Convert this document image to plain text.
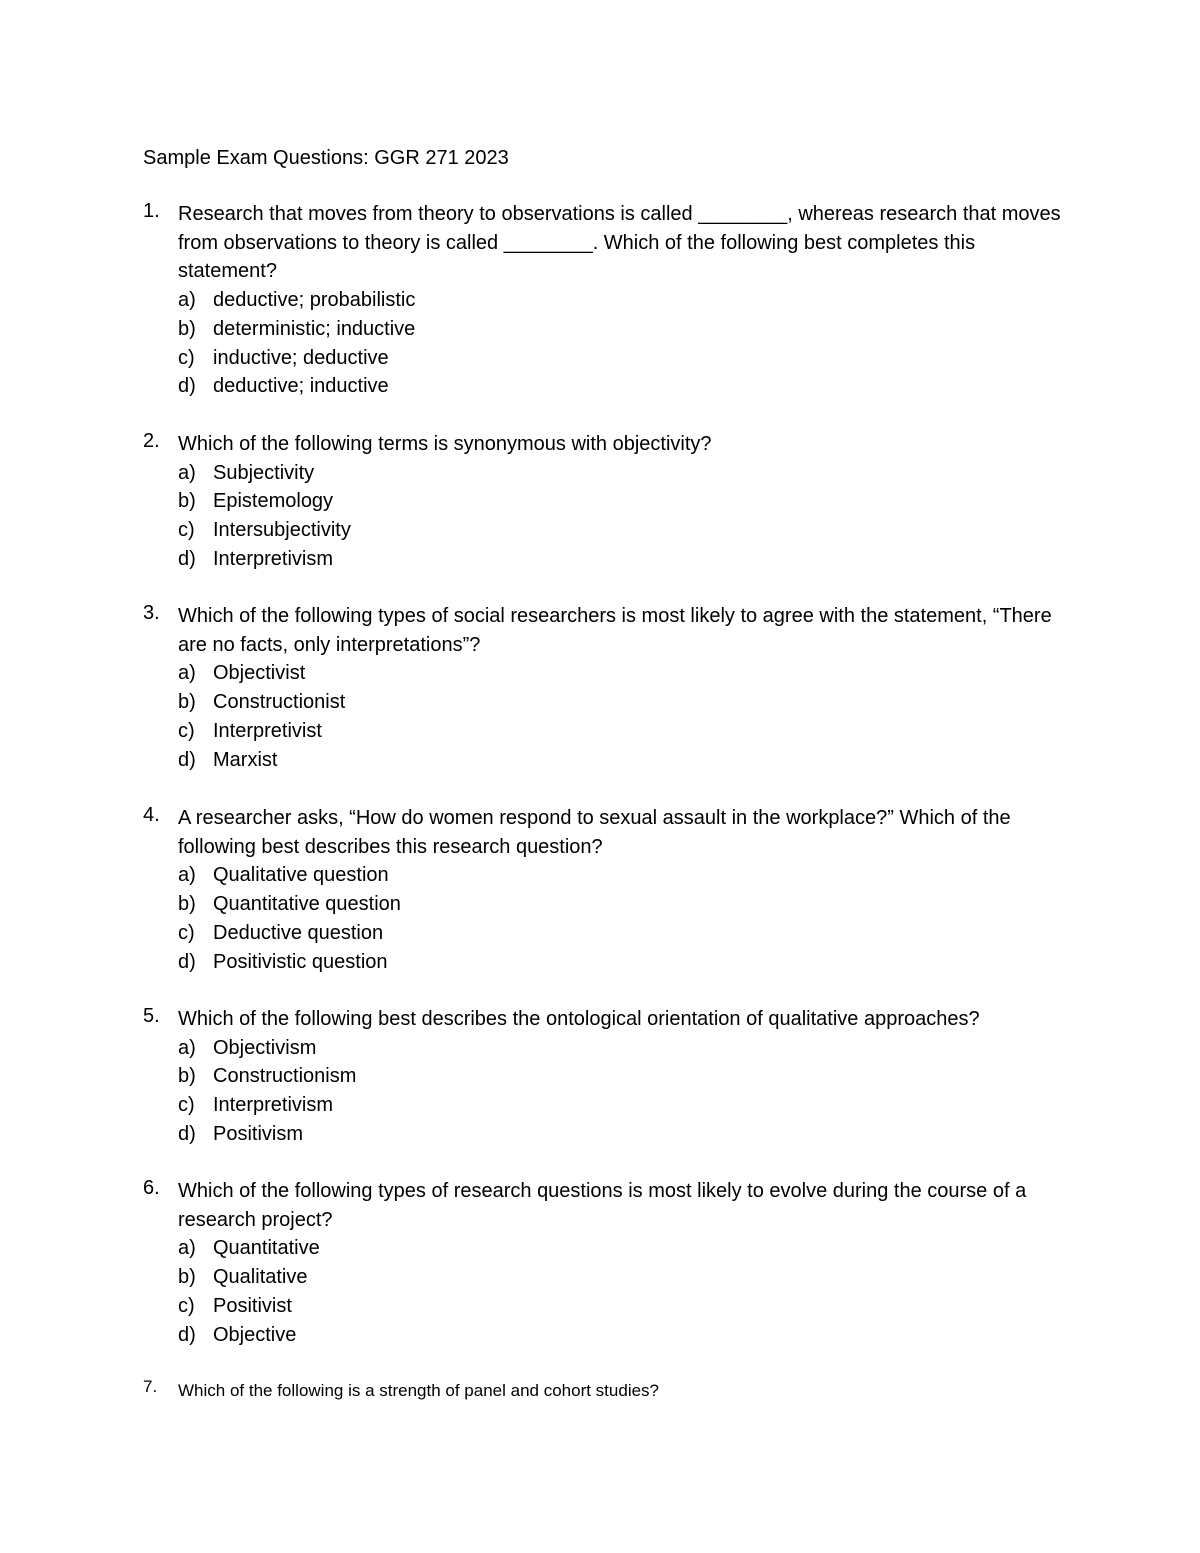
Sample Exam Questions: GGR 271 2023
1. Research that moves from theory to observations is called ________, whereas research that moves from observations to theory is called ________. Which of the following best completes this statement?
a) deductive; probabilistic
b) deterministic; inductive
c) inductive; deductive
d) deductive; inductive
2. Which of the following terms is synonymous with objectivity?
a) Subjectivity
b) Epistemology
c) Intersubjectivity
d) Interpretivism
3. Which of the following types of social researchers is most likely to agree with the statement, “There are no facts, only interpretations”?
a) Objectivist
b) Constructionist
c) Interpretivist
d) Marxist
4. A researcher asks, “How do women respond to sexual assault in the workplace?” Which of the following best describes this research question?
a) Qualitative question
b) Quantitative question
c) Deductive question
d) Positivistic question
5. Which of the following best describes the ontological orientation of qualitative approaches?
a) Objectivism
b) Constructionism
c) Interpretivism
d) Positivism
6. Which of the following types of research questions is most likely to evolve during the course of a research project?
a) Quantitative
b) Qualitative
c) Positivist
d) Objective
7.	Which of the following is a strength of panel and cohort studies?
